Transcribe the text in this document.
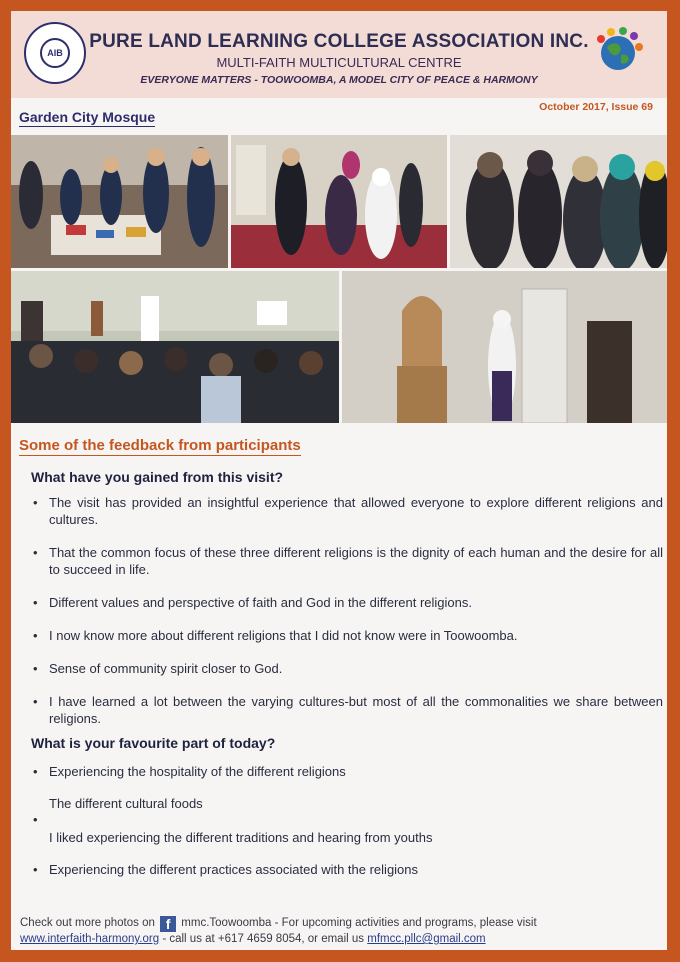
AIB
PURE LAND LEARNING COLLEGE ASSOCIATION INC.
MULTI-FAITH MULTICULTURAL CENTRE
EVERYONE MATTERS - TOOWOOMBA, A MODEL CITY OF PEACE & HARMONY
October 2017, Issue 69
Garden City Mosque
Some of the feedback from participants
What have you gained from this visit?
• The visit has provided an insightful experience that allowed everyone to explore different religions and cultures.
• That the common focus of these three different religions is the dignity of each human and the desire for all to succeed in life.
• Different values and perspective of faith and God in the different religions.
• I now know more about different religions that I did not know were in Toowoomba.
• Sense of community spirit closer to God.
• I have learned a lot between the varying cultures-but most of all the commonalities we share between religions.
What is your favourite part of today?
• Experiencing the hospitality of the different religions
•
The different cultural foods

I liked experiencing the different traditions and hearing from youths
• Experiencing the different practices associated with the religions
Check out more photos on f mmc.Toowoomba - For upcoming activities and programs, please visit
www.interfaith-harmony.org - call us at +617 4659 8054, or email us mfmcc.pllc@gmail.com
